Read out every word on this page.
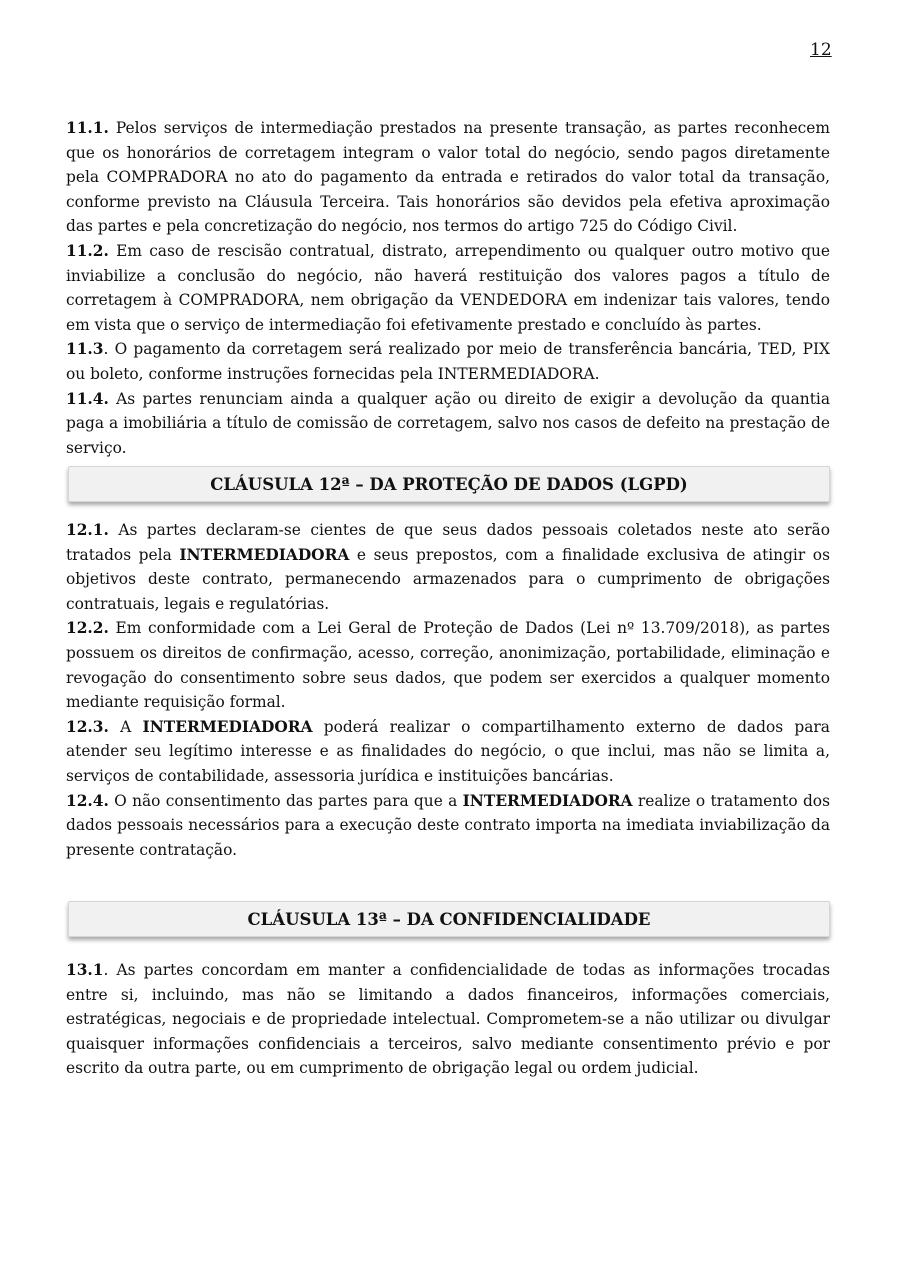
12

11.1. Pelos serviços de intermediação prestados na presente transação, as partes reconhecem que os honorários de corretagem integram o valor total do negócio, sendo pagos diretamente pela COMPRADORA no ato do pagamento da entrada e retirados do valor total da transação, conforme previsto na Cláusula Terceira. Tais honorários são devidos pela efetiva aproximação das partes e pela concretização do negócio, nos termos do artigo 725 do Código Civil.

11.2. Em caso de rescisão contratual, distrato, arrependimento ou qualquer outro motivo que inviabilize a conclusão do negócio, não haverá restituição dos valores pagos a título de corretagem à COMPRADORA, nem obrigação da VENDEDORA em indenizar tais valores, tendo em vista que o serviço de intermediação foi efetivamente prestado e concluído às partes.

11.3. O pagamento da corretagem será realizado por meio de transferência bancária, TED, PIX ou boleto, conforme instruções fornecidas pela INTERMEDIADORA.

11.4. As partes renunciam ainda a qualquer ação ou direito de exigir a devolução da quantia paga a imobiliária a título de comissão de corretagem, salvo nos casos de defeito na prestação de serviço.

CLÁUSULA 12ª – DA PROTEÇÃO DE DADOS (LGPD)

12.1. As partes declaram-se cientes de que seus dados pessoais coletados neste ato serão tratados pela INTERMEDIADORA e seus prepostos, com a finalidade exclusiva de atingir os objetivos deste contrato, permanecendo armazenados para o cumprimento de obrigações contratuais, legais e regulatórias.

12.2. Em conformidade com a Lei Geral de Proteção de Dados (Lei nº 13.709/2018), as partes possuem os direitos de confirmação, acesso, correção, anonimização, portabilidade, eliminação e revogação do consentimento sobre seus dados, que podem ser exercidos a qualquer momento mediante requisição formal.

12.3. A INTERMEDIADORA poderá realizar o compartilhamento externo de dados para atender seu legítimo interesse e as finalidades do negócio, o que inclui, mas não se limita a, serviços de contabilidade, assessoria jurídica e instituições bancárias.

12.4. O não consentimento das partes para que a INTERMEDIADORA realize o tratamento dos dados pessoais necessários para a execução deste contrato importa na imediata inviabilização da presente contratação.

CLÁUSULA 13ª – DA CONFIDENCIALIDADE

13.1. As partes concordam em manter a confidencialidade de todas as informações trocadas entre si, incluindo, mas não se limitando a dados financeiros, informações comerciais, estratégicas, negociais e de propriedade intelectual. Comprometem-se a não utilizar ou divulgar quaisquer informações confidenciais a terceiros, salvo mediante consentimento prévio e por escrito da outra parte, ou em cumprimento de obrigação legal ou ordem judicial.
